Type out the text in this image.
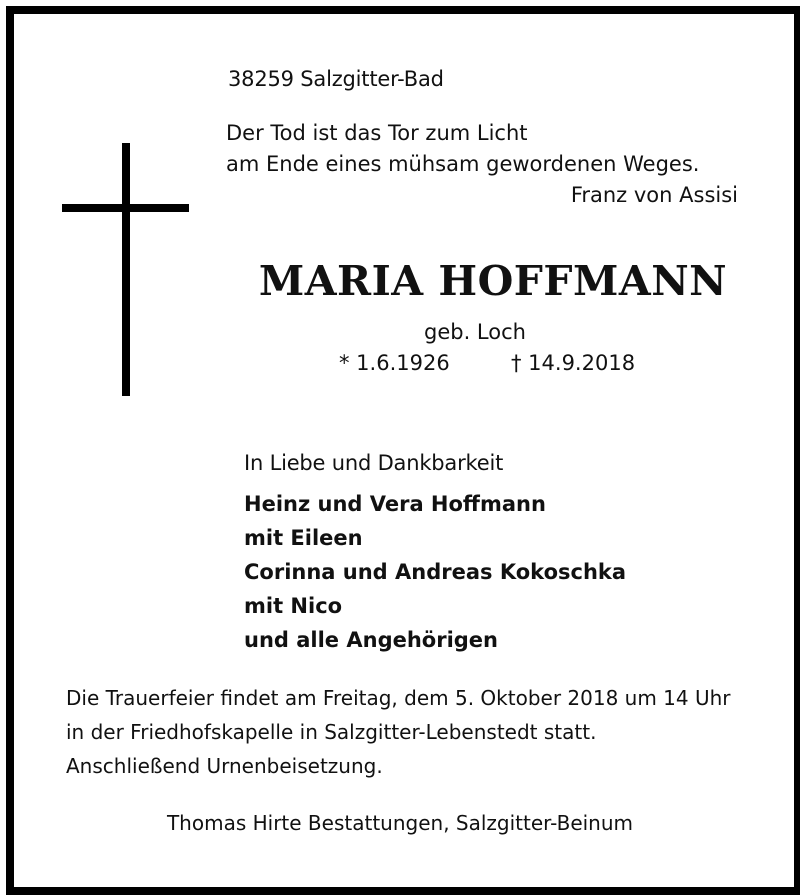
38259 Salzgitter-Bad
Der Tod ist das Tor zum Licht
am Ende eines mühsam gewordenen Weges.
Franz von Assisi
MARIA HOFFMANN
geb. Loch
* 1.6.1926	† 14.9.2018
In Liebe und Dankbarkeit
Heinz und Vera Hoffmann
mit Eileen
Corinna und Andreas Kokoschka
mit Nico
und alle Angehörigen
Die Trauerfeier findet am Freitag, dem 5. Oktober 2018 um 14 Uhr
in der Friedhofskapelle in Salzgitter-Lebenstedt statt.
Anschließend Urnenbeisetzung.
Thomas Hirte Bestattungen, Salzgitter-Beinum
